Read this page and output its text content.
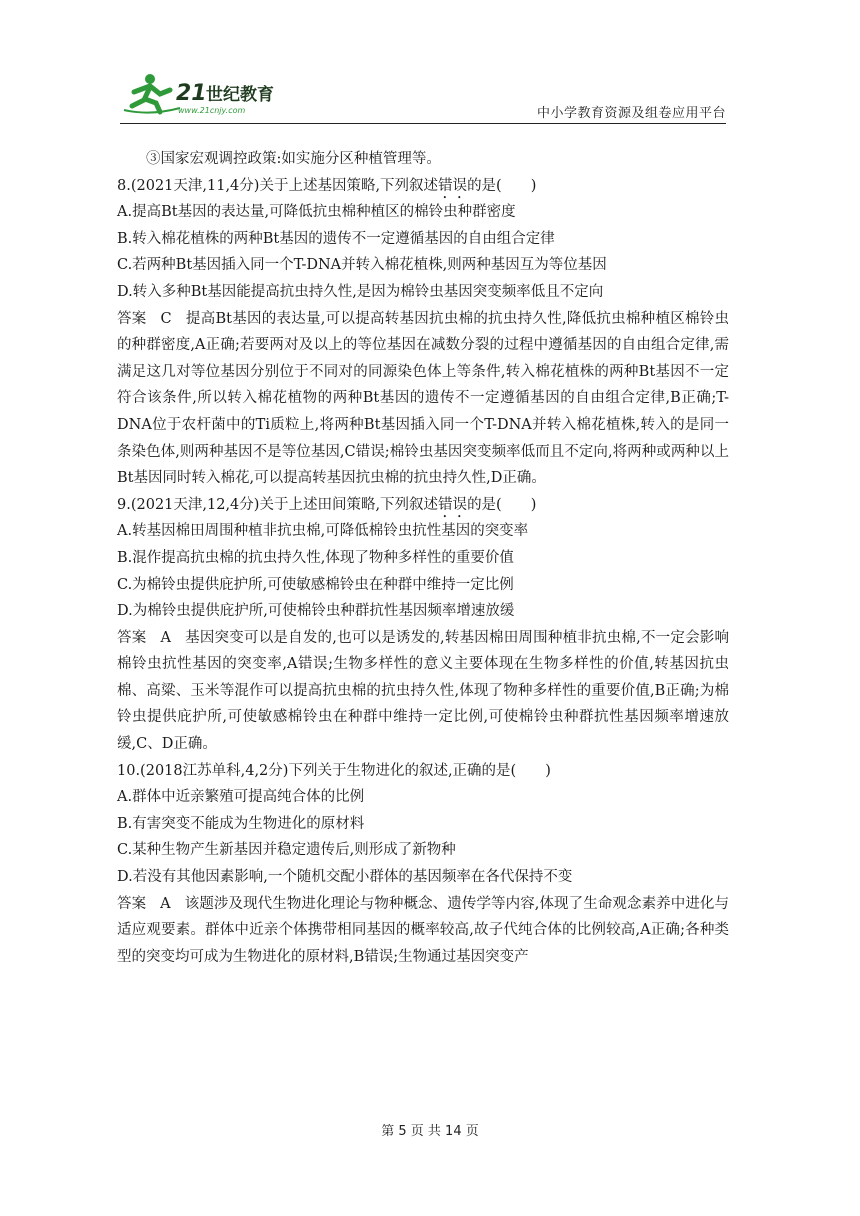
21 世纪教育
www.21cnjy.com	中小学教育资源及组卷应用平台

③国家宏观调控政策:如实施分区种植管理等。

8.(2021天津,11,4分)关于上述基因策略,下列叙述错误的是(　　)

A.提高Bt基因的表达量,可降低抗虫棉种植区的棉铃虫种群密度

B.转入棉花植株的两种Bt基因的遗传不一定遵循基因的自由组合定律

C.若两种Bt基因插入同一个T-DNA并转入棉花植株,则两种基因互为等位基因

D.转入多种Bt基因能提高抗虫持久性,是因为棉铃虫基因突变频率低且不定向

答案 C 提高Bt基因的表达量,可以提高转基因抗虫棉的抗虫持久性,降低抗虫棉种植区棉铃虫的种群密度,A正确;若要两对及以上的等位基因在减数分裂的过程中遵循基因的自由组合定律,需满足这几对等位基因分别位于不同对的同源染色体上等条件,转入棉花植株的两种Bt基因不一定符合该条件,所以转入棉花植物的两种Bt基因的遗传不一定遵循基因的自由组合定律,B正确;T-DNA位于农杆菌中的Ti质粒上,将两种Bt基因插入同一个T-DNA并转入棉花植株,转入的是同一条染色体,则两种基因不是等位基因,C错误;棉铃虫基因突变频率低而且不定向,将两种或两种以上Bt基因同时转入棉花,可以提高转基因抗虫棉的抗虫持久性,D正确。

9.(2021天津,12,4分)关于上述田间策略,下列叙述错误的是(　　)

A.转基因棉田周围种植非抗虫棉,可降低棉铃虫抗性基因的突变率

B.混作提高抗虫棉的抗虫持久性,体现了物种多样性的重要价值

C.为棉铃虫提供庇护所,可使敏感棉铃虫在种群中维持一定比例

D.为棉铃虫提供庇护所,可使棉铃虫种群抗性基因频率增速放缓

答案 A 基因突变可以是自发的,也可以是诱发的,转基因棉田周围种植非抗虫棉,不一定会影响棉铃虫抗性基因的突变率,A错误;生物多样性的意义主要体现在生物多样性的价值,转基因抗虫棉、高粱、玉米等混作可以提高抗虫棉的抗虫持久性,体现了物种多样性的重要价值,B正确;为棉铃虫提供庇护所,可使敏感棉铃虫在种群中维持一定比例,可使棉铃虫种群抗性基因频率增速放缓,C、D正确。

10.(2018江苏单科,4,2分)下列关于生物进化的叙述,正确的是(　　)

A.群体中近亲繁殖可提高纯合体的比例

B.有害突变不能成为生物进化的原材料

C.某种生物产生新基因并稳定遗传后,则形成了新物种

D.若没有其他因素影响,一个随机交配小群体的基因频率在各代保持不变

答案 A 该题涉及现代生物进化理论与物种概念、遗传学等内容,体现了生命观念素养中进化与适应观要素。群体中近亲个体携带相同基因的概率较高,故子代纯合体的比例较高,A正确;各种类型的突变均可成为生物进化的原材料,B错误;生物通过基因突变产

第 5 页 共 14 页
